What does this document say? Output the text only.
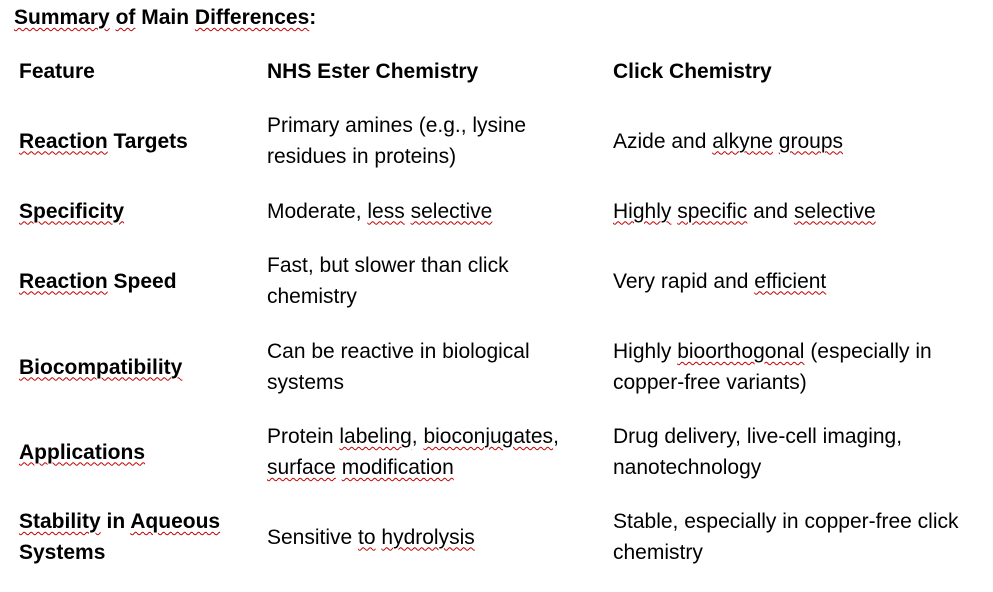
Summary of Main Differences:
Feature	NHS Ester Chemistry	Click Chemistry
Reaction Targets	Primary amines (e.g., lysine residues in proteins)	Azide and alkyne groups
Specificity	Moderate, less selective	Highly specific and selective
Reaction Speed	Fast, but slower than click chemistry	Very rapid and efficient
Biocompatibility	Can be reactive in biological systems	Highly bioorthogonal (especially in copper-free variants)
Applications	Protein labeling, bioconjugates, surface modification	Drug delivery, live-cell imaging, nanotechnology
Stability in Aqueous Systems	Sensitive to hydrolysis	Stable, especially in copper-free click chemistry
